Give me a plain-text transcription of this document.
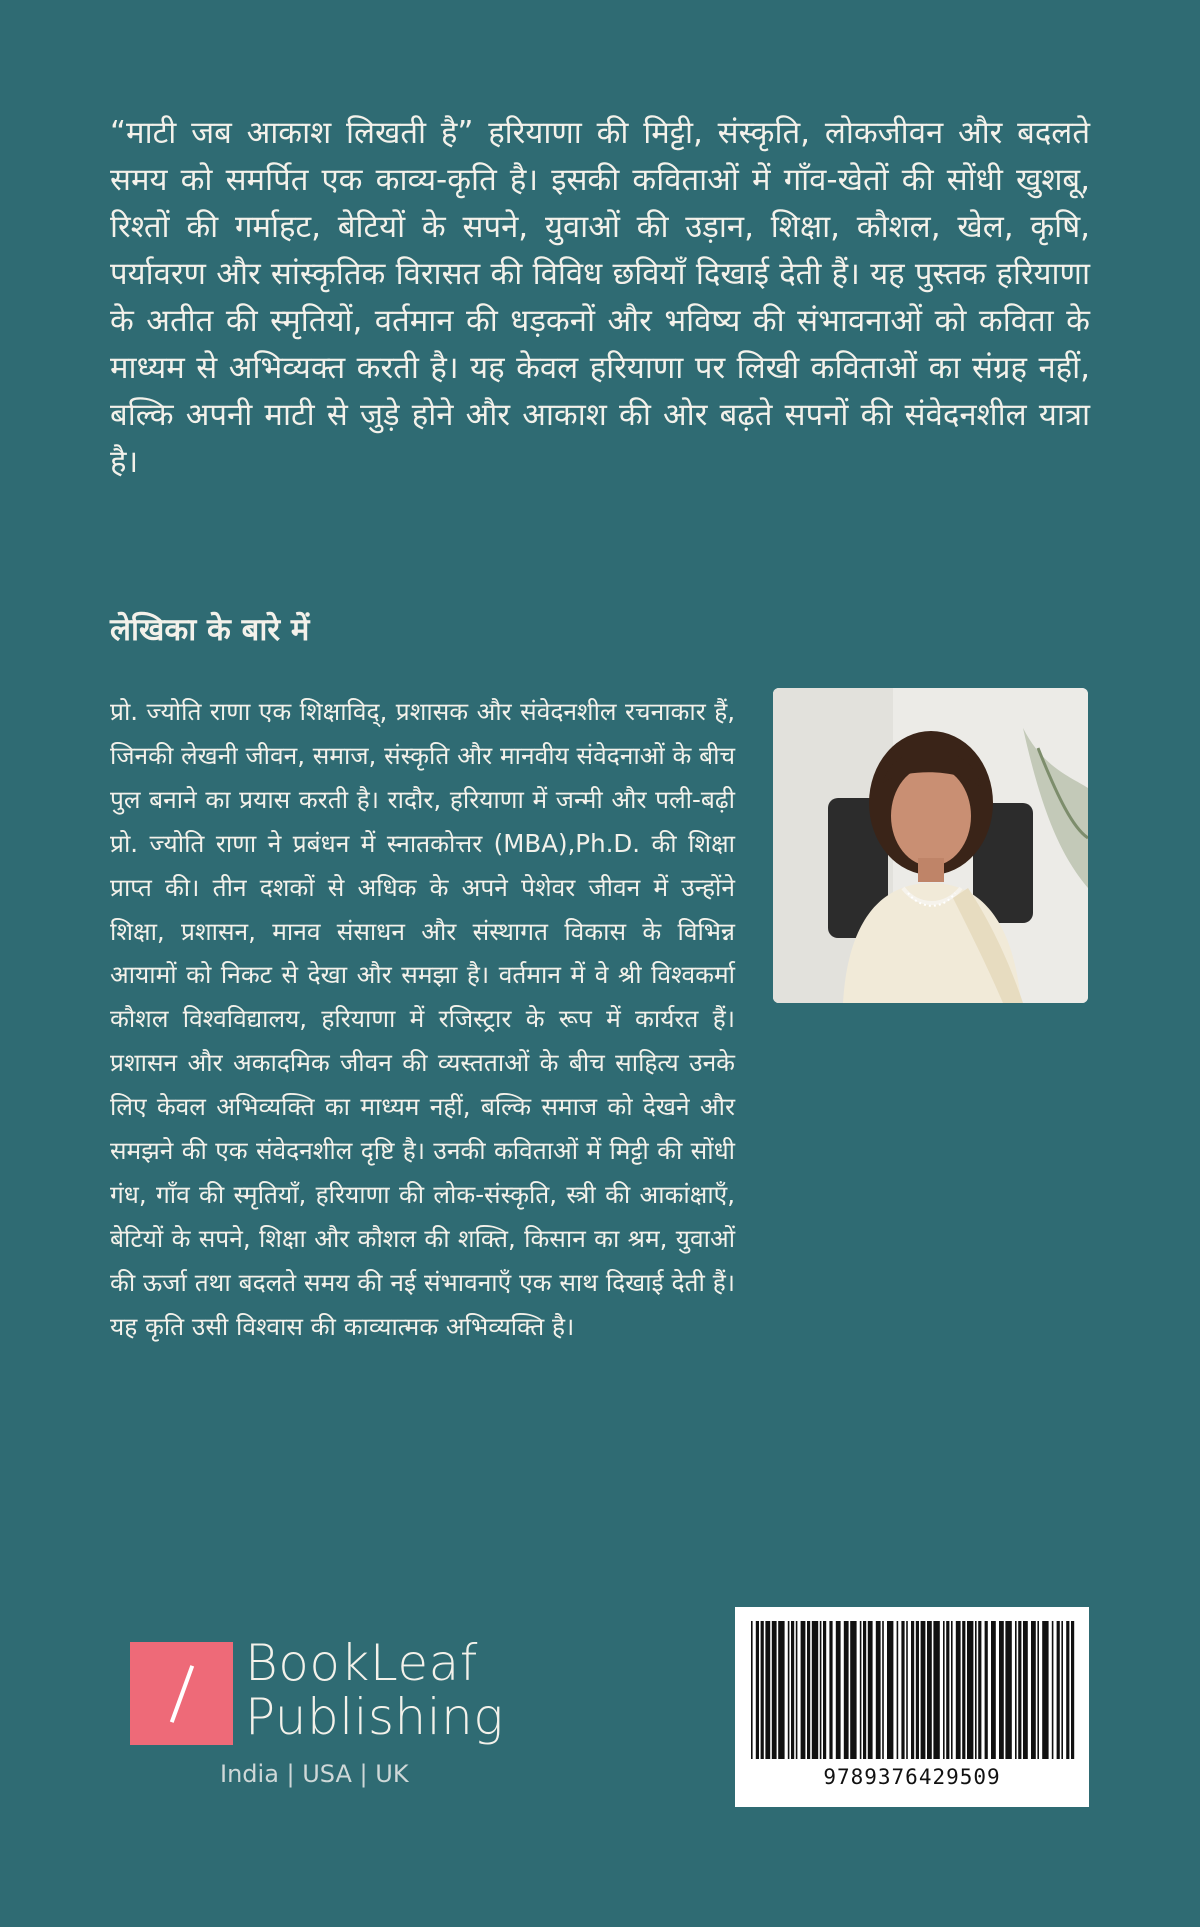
“माटी जब आकाश लिखती है” हरियाणा की मिट्टी, संस्कृति, लोकजीवन और बदलते समय को समर्पित एक काव्य-कृति है। इसकी कविताओं में गाँव-खेतों की सोंधी खुशबू, रिश्तों की गर्माहट, बेटियों के सपने, युवाओं की उड़ान, शिक्षा, कौशल, खेल, कृषि, पर्यावरण और सांस्कृतिक विरासत की विविध छवियाँ दिखाई देती हैं। यह पुस्तक हरियाणा के अतीत की स्मृतियों, वर्तमान की धड़कनों और भविष्य की संभावनाओं को कविता के माध्यम से अभिव्यक्त करती है। यह केवल हरियाणा पर लिखी कविताओं का संग्रह नहीं, बल्कि अपनी माटी से जुड़े होने और आकाश की ओर बढ़ते सपनों की संवेदनशील यात्रा है।

लेखिका के बारे में

प्रो. ज्योति राणा एक शिक्षाविद्, प्रशासक और संवेदनशील रचनाकार हैं, जिनकी लेखनी जीवन, समाज, संस्कृति और मानवीय संवेदनाओं के बीच पुल बनाने का प्रयास करती है। रादौर, हरियाणा में जन्मी और पली-बढ़ी प्रो. ज्योति राणा ने प्रबंधन में स्नातकोत्तर (MBA),Ph.D. की शिक्षा प्राप्त की। तीन दशकों से अधिक के अपने पेशेवर जीवन में उन्होंने शिक्षा, प्रशासन, मानव संसाधन और संस्थागत विकास के विभिन्न आयामों को निकट से देखा और समझा है। वर्तमान में वे श्री विश्वकर्मा कौशल विश्वविद्यालय, हरियाणा में रजिस्ट्रार के रूप में कार्यरत हैं। प्रशासन और अकादमिक जीवन की व्यस्तताओं के बीच साहित्य उनके लिए केवल अभिव्यक्ति का माध्यम नहीं, बल्कि समाज को देखने और समझने की एक संवेदनशील दृष्टि है। उनकी कविताओं में मिट्टी की सोंधी गंध, गाँव की स्मृतियाँ, हरियाणा की लोक-संस्कृति, स्त्री की आकांक्षाएँ, बेटियों के सपने, शिक्षा और कौशल की शक्ति, किसान का श्रम, युवाओं की ऊर्जा तथा बदलते समय की नई संभावनाएँ एक साथ दिखाई देती हैं। यह कृति उसी विश्वास की काव्यात्मक अभिव्यक्ति है।

BookLeaf
Publishing
India | USA | UK	9789376429509
